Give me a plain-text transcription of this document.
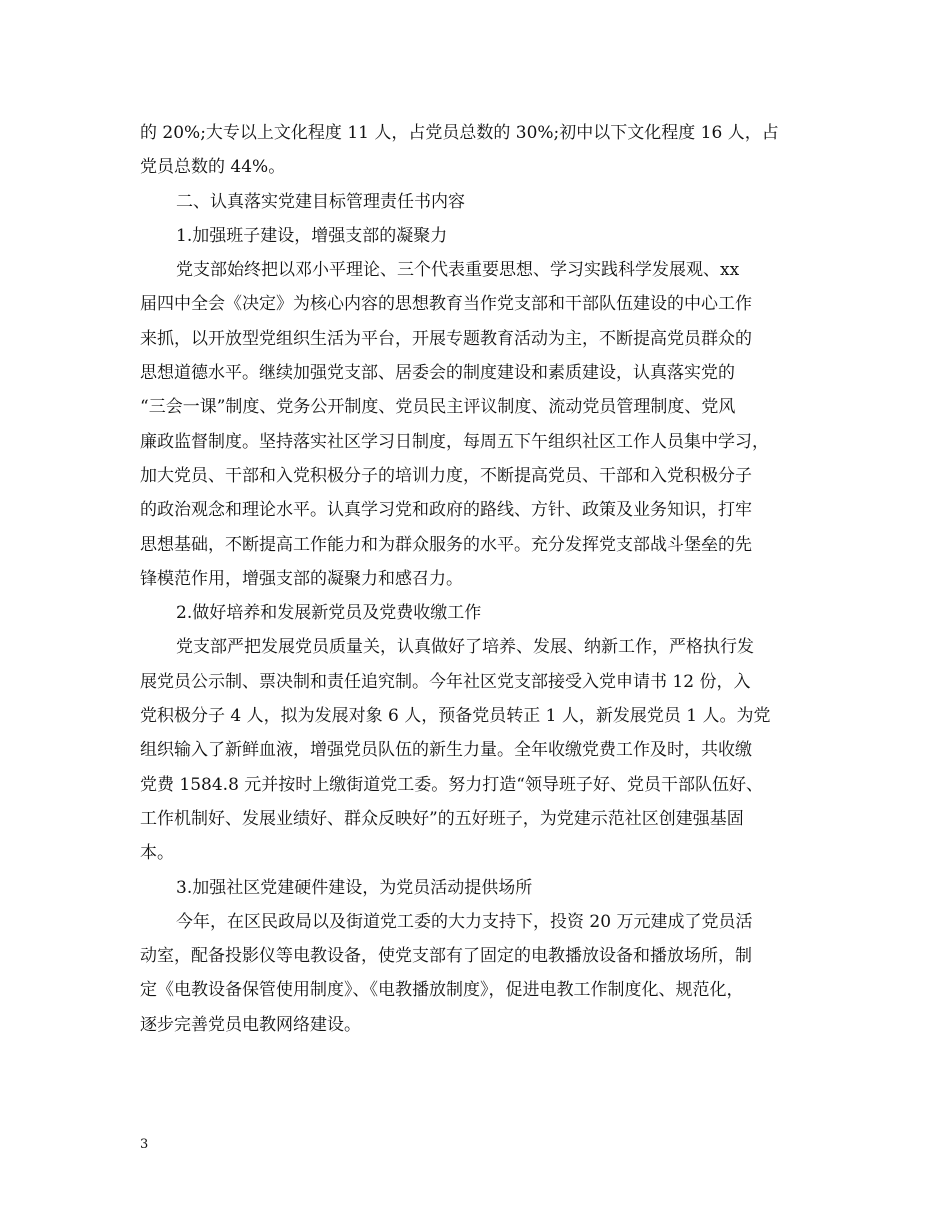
的 20%;大专以上文化程度 11 人，占党员总数的 30%;初中以下文化程度 16 人，占
党员总数的 44%。
二、认真落实党建目标管理责任书内容
1.加强班子建设，增强支部的凝聚力
党支部始终把以邓小平理论、三个代表重要思想、学习实践科学发展观、xx
届四中全会《决定》为核心内容的思想教育当作党支部和干部队伍建设的中心工作
来抓，以开放型党组织生活为平台，开展专题教育活动为主，不断提高党员群众的
思想道德水平。继续加强党支部、居委会的制度建设和素质建设，认真落实党的
“三会一课”制度、党务公开制度、党员民主评议制度、流动党员管理制度、党风
廉政监督制度。坚持落实社区学习日制度，每周五下午组织社区工作人员集中学习，
加大党员、干部和入党积极分子的培训力度，不断提高党员、干部和入党积极分子
的政治观念和理论水平。认真学习党和政府的路线、方针、政策及业务知识，打牢
思想基础，不断提高工作能力和为群众服务的水平。充分发挥党支部战斗堡垒的先
锋模范作用，增强支部的凝聚力和感召力。
2.做好培养和发展新党员及党费收缴工作
党支部严把发展党员质量关，认真做好了培养、发展、纳新工作，严格执行发
展党员公示制、票决制和责任追究制。今年社区党支部接受入党申请书 12 份，入
党积极分子 4 人，拟为发展对象 6 人，预备党员转正 1 人，新发展党员 1 人。为党
组织输入了新鲜血液，增强党员队伍的新生力量。全年收缴党费工作及时，共收缴
党费 1584.8 元并按时上缴街道党工委。努力打造“领导班子好、党员干部队伍好、
工作机制好、发展业绩好、群众反映好”的五好班子，为党建示范社区创建强基固
本。
3.加强社区党建硬件建设，为党员活动提供场所
今年，在区民政局以及街道党工委的大力支持下，投资 20 万元建成了党员活
动室，配备投影仪等电教设备，使党支部有了固定的电教播放设备和播放场所，制
定《电教设备保管使用制度》、《电教播放制度》，促进电教工作制度化、规范化，
逐步完善党员电教网络建设。
3
